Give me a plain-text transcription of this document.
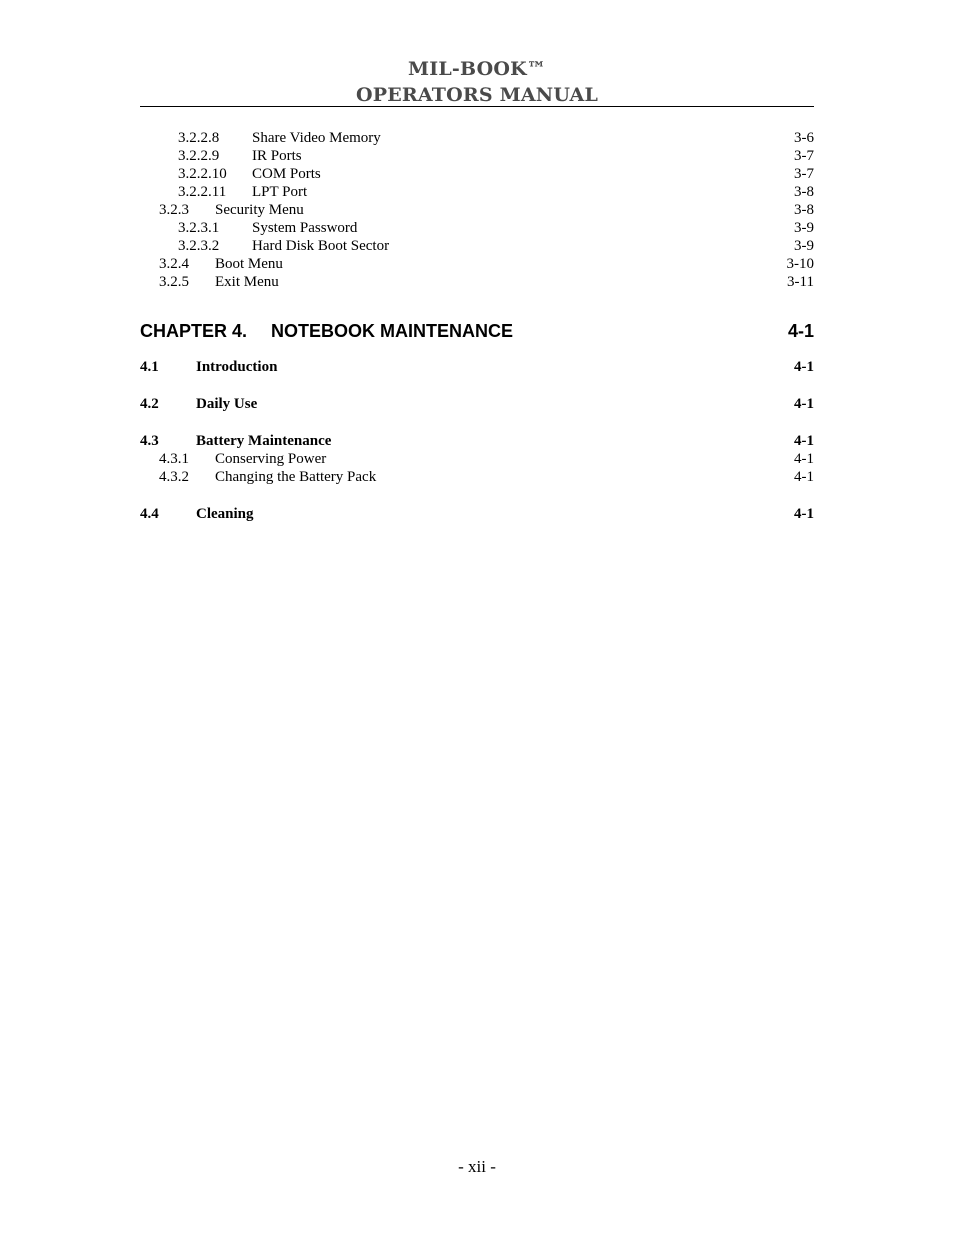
MIL-BOOK™
OPERATORS MANUAL
3.2.2.8 Share Video Memory	3-6
3.2.2.9 IR Ports	3-7
3.2.2.10 COM Ports	3-7
3.2.2.11 LPT Port	3-8
3.2.3 Security Menu	3-8
3.2.3.1 System Password	3-9
3.2.3.2 Hard Disk Boot Sector	3-9
3.2.4 Boot Menu	3-10
3.2.5 Exit Menu	3-11
CHAPTER 4. NOTEBOOK MAINTENANCE	4-1
4.1 Introduction	4-1
4.2 Daily Use	4-1
4.3 Battery Maintenance	4-1
4.3.1 Conserving Power	4-1
4.3.2 Changing the Battery Pack	4-1
4.4 Cleaning	4-1
- xii -
